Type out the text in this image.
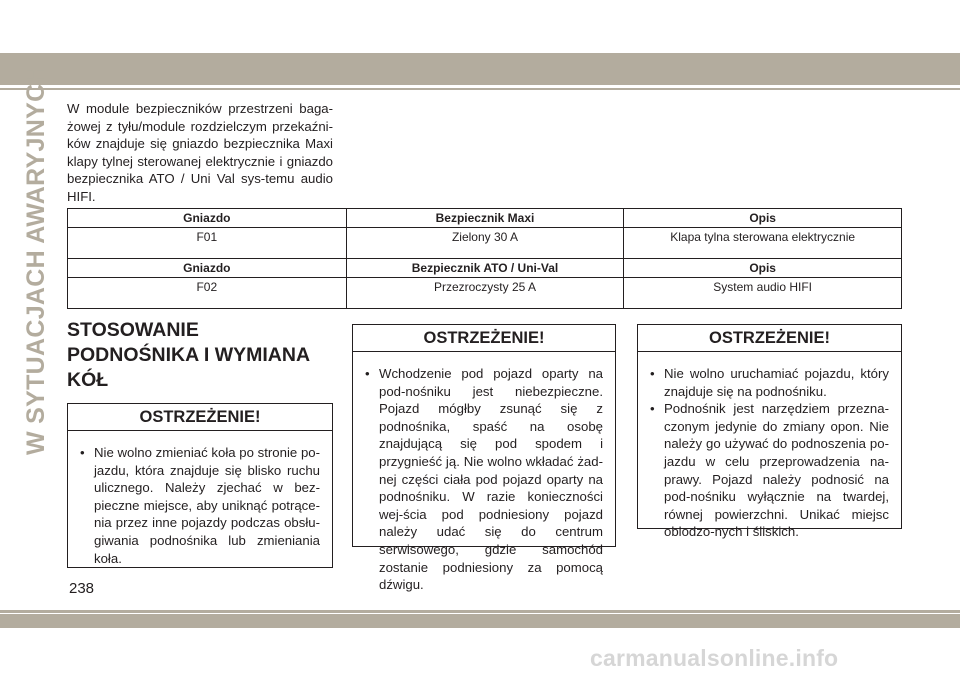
W SYTUACJACH AWARYJNYCH W module bezpieczników przestrzeni baga-żowej z tyłu/module rozdzielczym przekaźni-ków znajduje się gniazdo bezpiecznika Maxi klapy tylnej sterowanej elektrycznie i gniazdo bezpiecznika ATO / Uni Val sys-temu audio HIFI.
Gniazdo	Bezpiecznik Maxi	Opis
F01	Zielony 30 A	Klapa tylna sterowana elektrycznie
Gniazdo	Bezpiecznik ATO / Uni-Val	Opis
F02	Przezroczysty 25 A	System audio HIFI
STOSOWANIE PODNOŚNIKA I WYMIANA KÓŁ
OSTRZEŻENIE!
• Nie wolno zmieniać koła po stronie po-jazdu, która znajduje się blisko ruchu ulicznego. Należy zjechać w bez-pieczne miejsce, aby uniknąć potrące-nia przez inne pojazdy podczas obsłu-giwania podnośnika lub zmieniania koła.
OSTRZEŻENIE!
• Wchodzenie pod pojazd oparty na pod-nośniku jest niebezpieczne. Pojazd mógłby zsunąć się z podnośnika, spaść na osobę znajdującą się pod spodem i przygnieść ją. Nie wolno wkładać żad-nej części ciała pod pojazd oparty na podnośniku. W razie konieczności wej-ścia pod podniesiony pojazd należy udać się do centrum serwisowego, gdzie samochód zostanie podniesiony za pomocą dźwigu.
OSTRZEŻENIE!
• Nie wolno uruchamiać pojazdu, który znajduje się na podnośniku.
• Podnośnik jest narzędziem przezna-czonym jedynie do zmiany opon. Nie należy go używać do podnoszenia po-jazdu w celu przeprowadzenia na-prawy. Pojazd należy podnosić na pod-nośniku wyłącznie na twardej, równej powierzchni. Unikać miejsc oblodzo-nych i śliskich.
238
carmanualsonline.info
